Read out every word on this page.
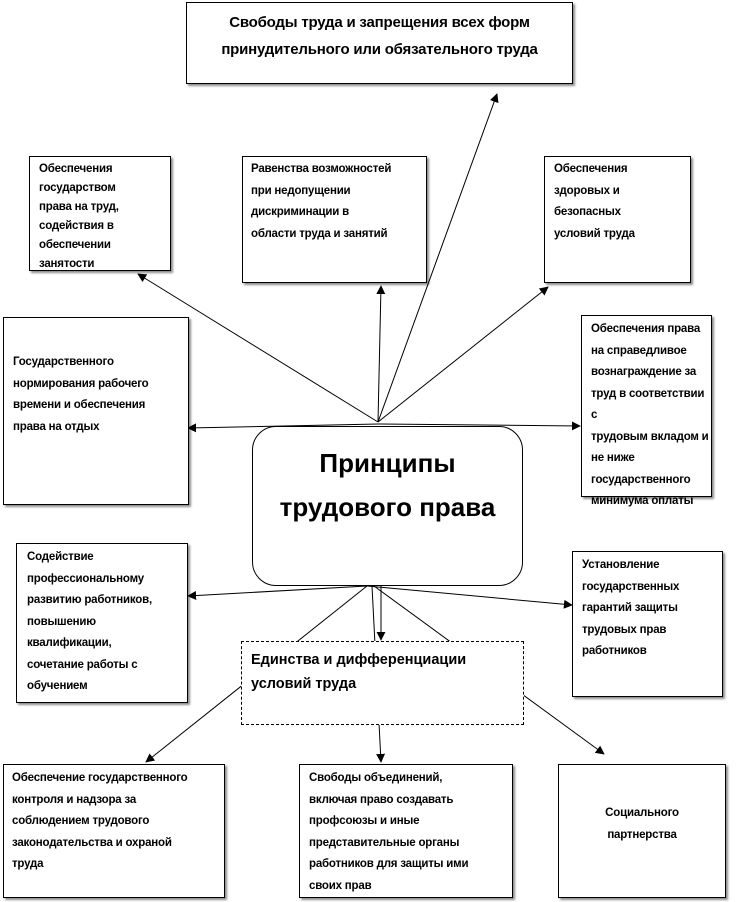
Свободы труда и запрещения всех форм
принудительного или обязательного труда
Обеспечения
государством
права на труд,
содействия в
обеспечении
занятости
Равенства возможностей
при недопущении
дискриминации в
области труда и занятий
Обеспечения
здоровых и
безопасных
условий труда
Государственного
нормирования рабочего
времени и обеспечения
права на отдых
Обеспечения права
на справедливое
вознаграждение за
труд в соответствии с
трудовым вкладом и
не ниже
государственного
минимума оплаты
Принципы
трудового права
Содействие
профессиональному
развитию работников,
повышению
квалификации,
сочетание работы с
обучением
Установление
государственных
гарантий защиты
трудовых прав
работников
Единства и дифференциации
условий труда
Обеспечение государственного
контроля и надзора за
соблюдением трудового
законодательства и охраной
труда
Свободы объединений,
включая право создавать
профсоюзы и иные
представительные органы
работников для защиты ими
своих прав
Социального
партнерства
